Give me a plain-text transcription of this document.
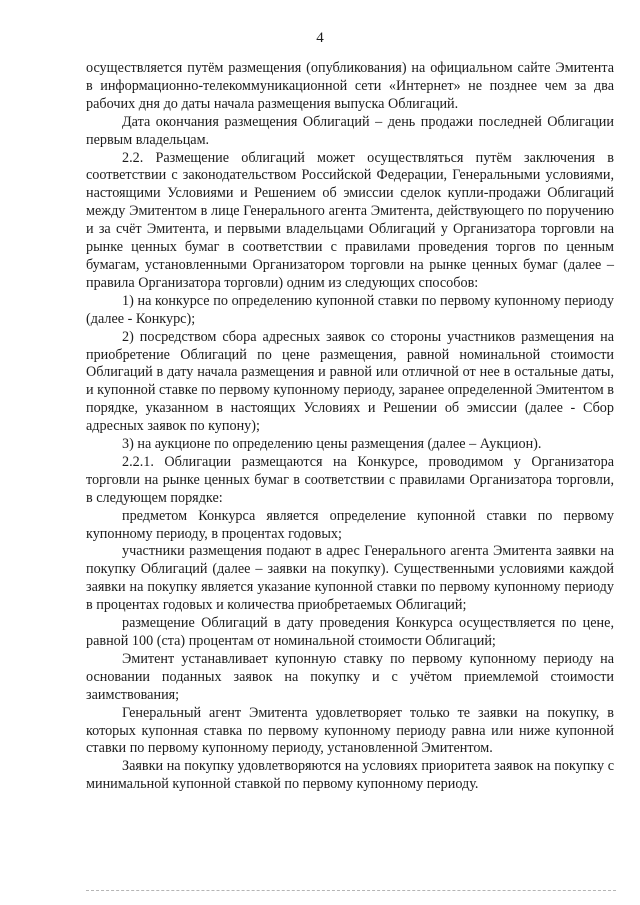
4

осуществляется путём размещения (опубликования) на официальном сайте Эмитента в информационно-телекоммуникационной сети «Интернет» не позднее чем за два рабочих дня до даты начала размещения выпуска Облигаций.

Дата окончания размещения Облигаций – день продажи последней Облигации первым владельцам.

2.2. Размещение облигаций может осуществляться путём заключения в соответствии с законодательством Российской Федерации, Генеральными условиями, настоящими Условиями и Решением об эмиссии сделок купли-продажи Облигаций между Эмитентом в лице Генерального агента Эмитента, действующего по поручению и за счёт Эмитента, и первыми владельцами Облигаций у Организатора торговли на рынке ценных бумаг в соответствии с правилами проведения торгов по ценным бумагам, установленными Организатором торговли на рынке ценных бумаг (далее – правила Организатора торговли) одним из следующих способов:

1) на конкурсе по определению купонной ставки по первому купонному периоду (далее - Конкурс);

2) посредством сбора адресных заявок со стороны участников размещения на приобретение Облигаций по цене размещения, равной номинальной стоимости Облигаций в дату начала размещения и равной или отличной от нее в остальные даты, и купонной ставке по первому купонному периоду, заранее определенной Эмитентом в порядке, указанном в настоящих Условиях и Решении об эмиссии (далее - Сбор адресных заявок по купону);

3) на аукционе по определению цены размещения (далее – Аукцион).

2.2.1. Облигации размещаются на Конкурсе, проводимом у Организатора торговли на рынке ценных бумаг в соответствии с правилами Организатора торговли, в следующем порядке:

предметом Конкурса является определение купонной ставки по первому купонному периоду, в процентах годовых;

участники размещения подают в адрес Генерального агента Эмитента заявки на покупку Облигаций (далее – заявки на покупку). Существенными условиями каждой заявки на покупку является указание купонной ставки по первому купонному периоду в процентах годовых и количества приобретаемых Облигаций;

размещение Облигаций в дату проведения Конкурса осуществляется по цене, равной 100 (ста) процентам от номинальной стоимости Облигаций;

Эмитент устанавливает купонную ставку по первому купонному периоду на основании поданных заявок на покупку и с учётом приемлемой стоимости заимствования;

Генеральный агент Эмитента удовлетворяет только те заявки на покупку, в которых купонная ставка по первому купонному периоду равна или ниже купонной ставки по первому купонному периоду, установленной Эмитентом.

Заявки на покупку удовлетворяются на условиях приоритета заявок на покупку с минимальной купонной ставкой по первому купонному периоду.
